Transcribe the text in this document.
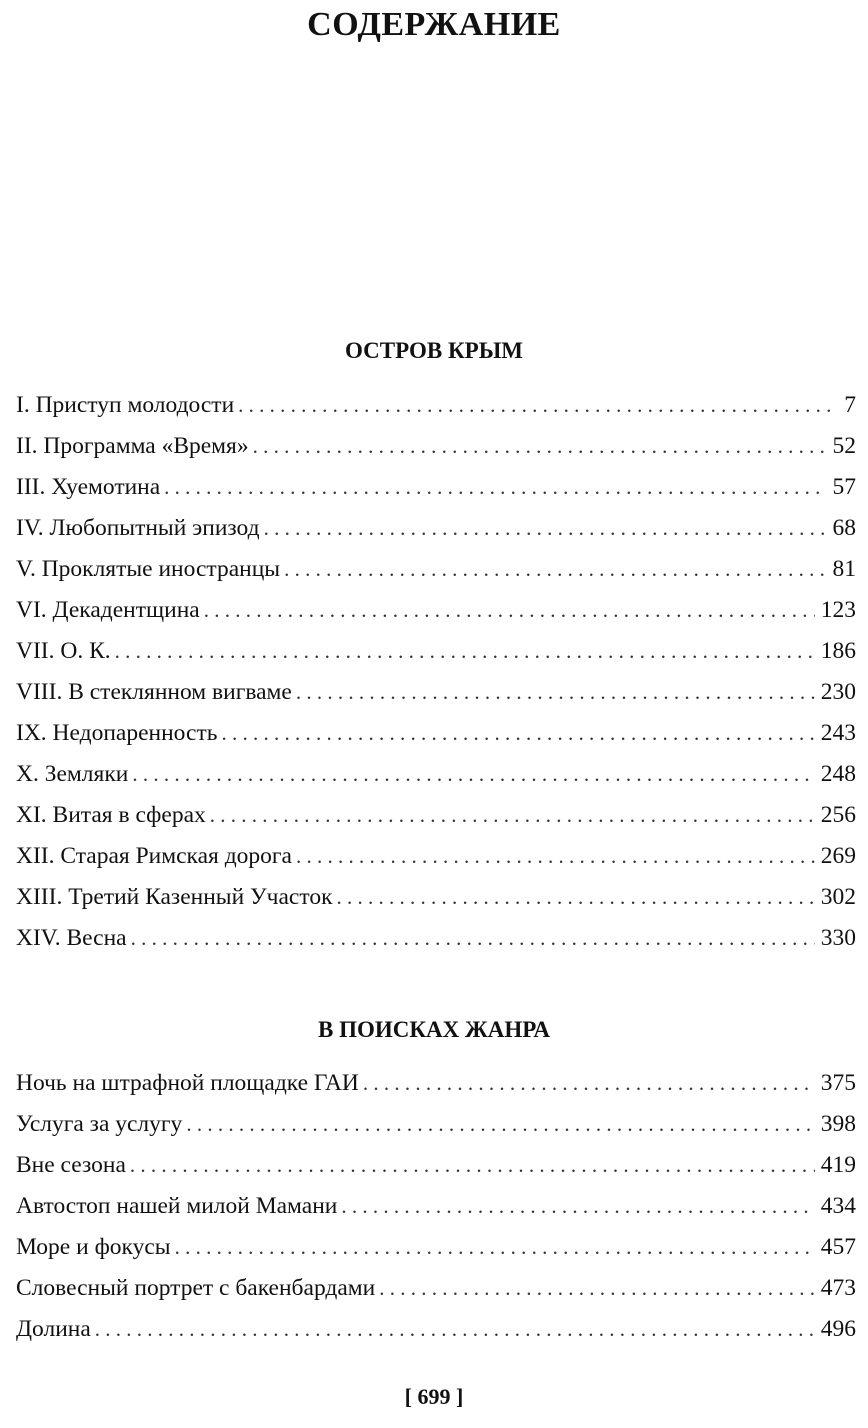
СОДЕРЖАНИЕ
ОСТРОВ КРЫМ
I. Приступ молодости . . .	7
II. Программа «Время» . . .	52
III. Хуемотина . . .	57
IV. Любопытный эпизод . . .	68
V. Проклятые иностранцы . . .	81
VI. Декадентщина . . .	123
VII. О. К. . . .	186
VIII. В стеклянном вигваме . . .	230
IX. Недопаренность . . .	243
X. Земляки . . .	248
XI. Витая в сферах . . .	256
XII. Старая Римская дорога . . .	269
XIII. Третий Казенный Участок . . .	302
XIV. Весна . . .	330
В ПОИСКАХ ЖАНРА
Ночь на штрафной площадке ГАИ . . .	375
Услуга за услугу . . .	398
Вне сезона . . .	419
Автостоп нашей милой Мамани . . .	434
Море и фокусы . . .	457
Словесный портрет с бакенбардами . . .	473
Долина . . .	496
[ 699 ]
